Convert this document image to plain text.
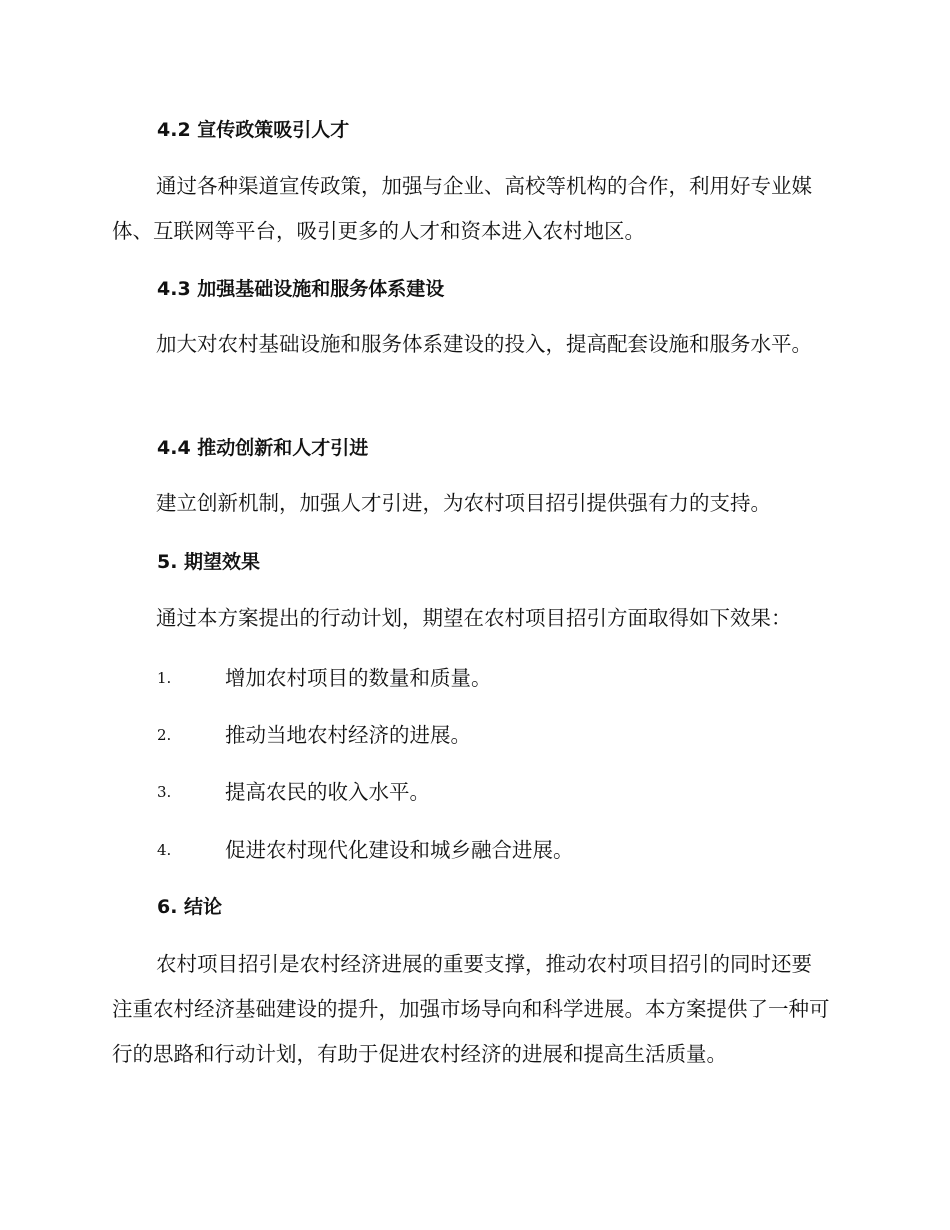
4.2 宣传政策吸引人才

通过各种渠道宣传政策，加强与企业、高校等机构的合作，利用好专业媒体、互联网等平台，吸引更多的人才和资本进入农村地区。

4.3 加强基础设施和服务体系建设

加大对农村基础设施和服务体系建设的投入，提高配套设施和服务水平。

4.4 推动创新和人才引进

建立创新机制，加强人才引进，为农村项目招引提供强有力的支持。

5. 期望效果

通过本方案提出的行动计划，期望在农村项目招引方面取得如下效果：

1.	增加农村项目的数量和质量。
2.	推动当地农村经济的进展。
3.	提高农民的收入水平。
4.	促进农村现代化建设和城乡融合进展。
6. 结论

农村项目招引是农村经济进展的重要支撑，推动农村项目招引的同时还要注重农村经济基础建设的提升，加强市场导向和科学进展。本方案提供了一种可行的思路和行动计划，有助于促进农村经济的进展和提高生活质量。
